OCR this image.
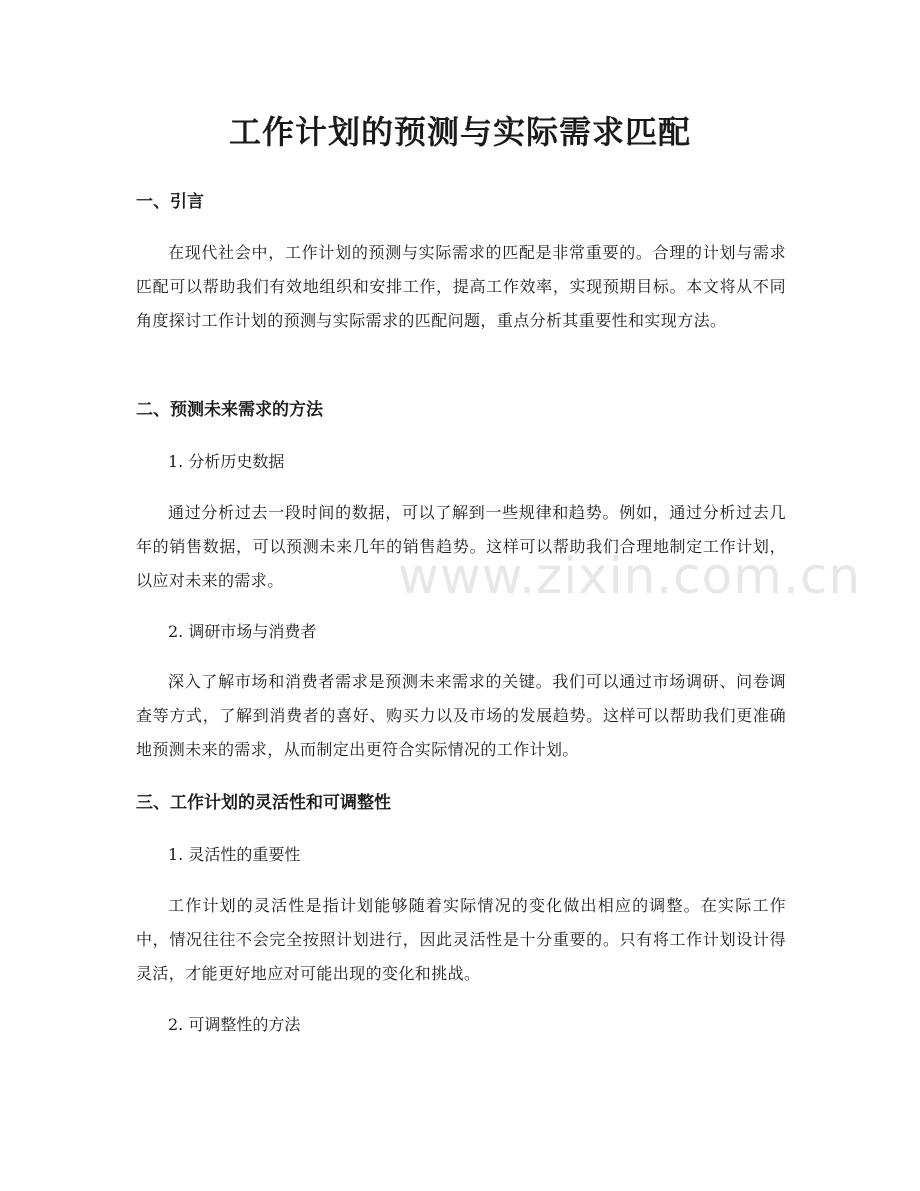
工作计划的预测与实际需求匹配
一、引言

在现代社会中，工作计划的预测与实际需求的匹配是非常重要的。合理的计划与需求匹配可以帮助我们有效地组织和安排工作，提高工作效率，实现预期目标。本文将从不同角度探讨工作计划的预测与实际需求的匹配问题，重点分析其重要性和实现方法。

二、预测未来需求的方法

1. 分析历史数据

通过分析过去一段时间的数据，可以了解到一些规律和趋势。例如，通过分析过去几年的销售数据，可以预测未来几年的销售趋势。这样可以帮助我们合理地制定工作计划，以应对未来的需求。

2. 调研市场与消费者

深入了解市场和消费者需求是预测未来需求的关键。我们可以通过市场调研、问卷调查等方式，了解到消费者的喜好、购买力以及市场的发展趋势。这样可以帮助我们更准确地预测未来的需求，从而制定出更符合实际情况的工作计划。

三、工作计划的灵活性和可调整性

1. 灵活性的重要性

工作计划的灵活性是指计划能够随着实际情况的变化做出相应的调整。在实际工作中，情况往往不会完全按照计划进行，因此灵活性是十分重要的。只有将工作计划设计得灵活，才能更好地应对可能出现的变化和挑战。

2. 可调整性的方法

www.zixin.com.cn
